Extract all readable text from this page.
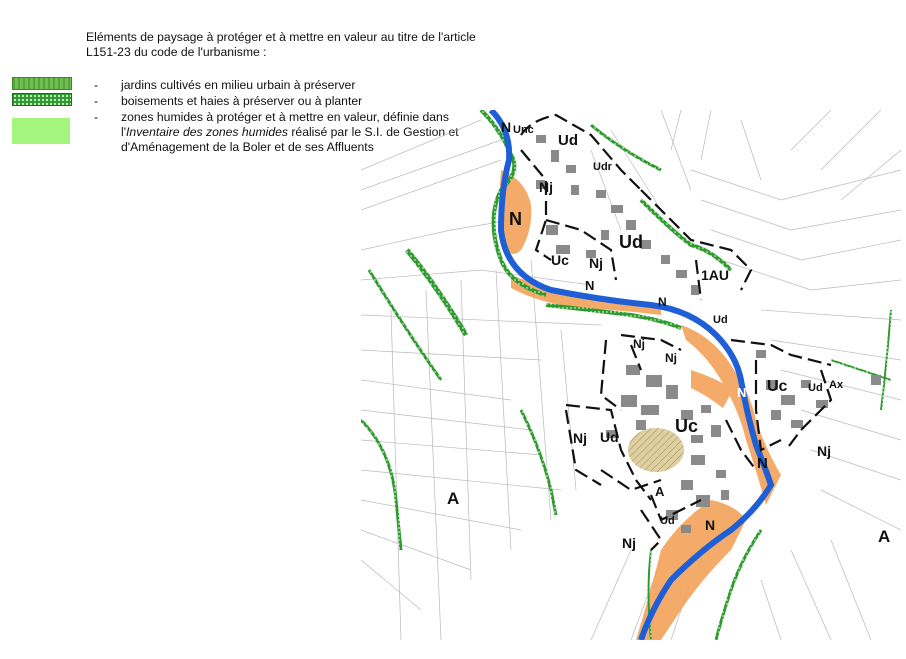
Eléments de paysage à protéger et à mettre en valeur au titre de l'article L151-23 du code de l'urbanisme :
- jardins cultivés en milieu urbain à préserver
- boisements et haies à préserver ou à planter
- zones humides à protéger et à mettre en valeur, définie dans l'Inventaire des zones humides réalisé par le S.I. de Gestion et d'Aménagement de la Boler et de ses Affluents
Unc
N
Ud
Udr
Nj
N
Ud
Uc Nj
1AU
N
N
Ud
Nj
Nj
Uc Ud Ax
N
Nj Ud
Uc
Nj
A	A
Ud N
N
Nj	A
